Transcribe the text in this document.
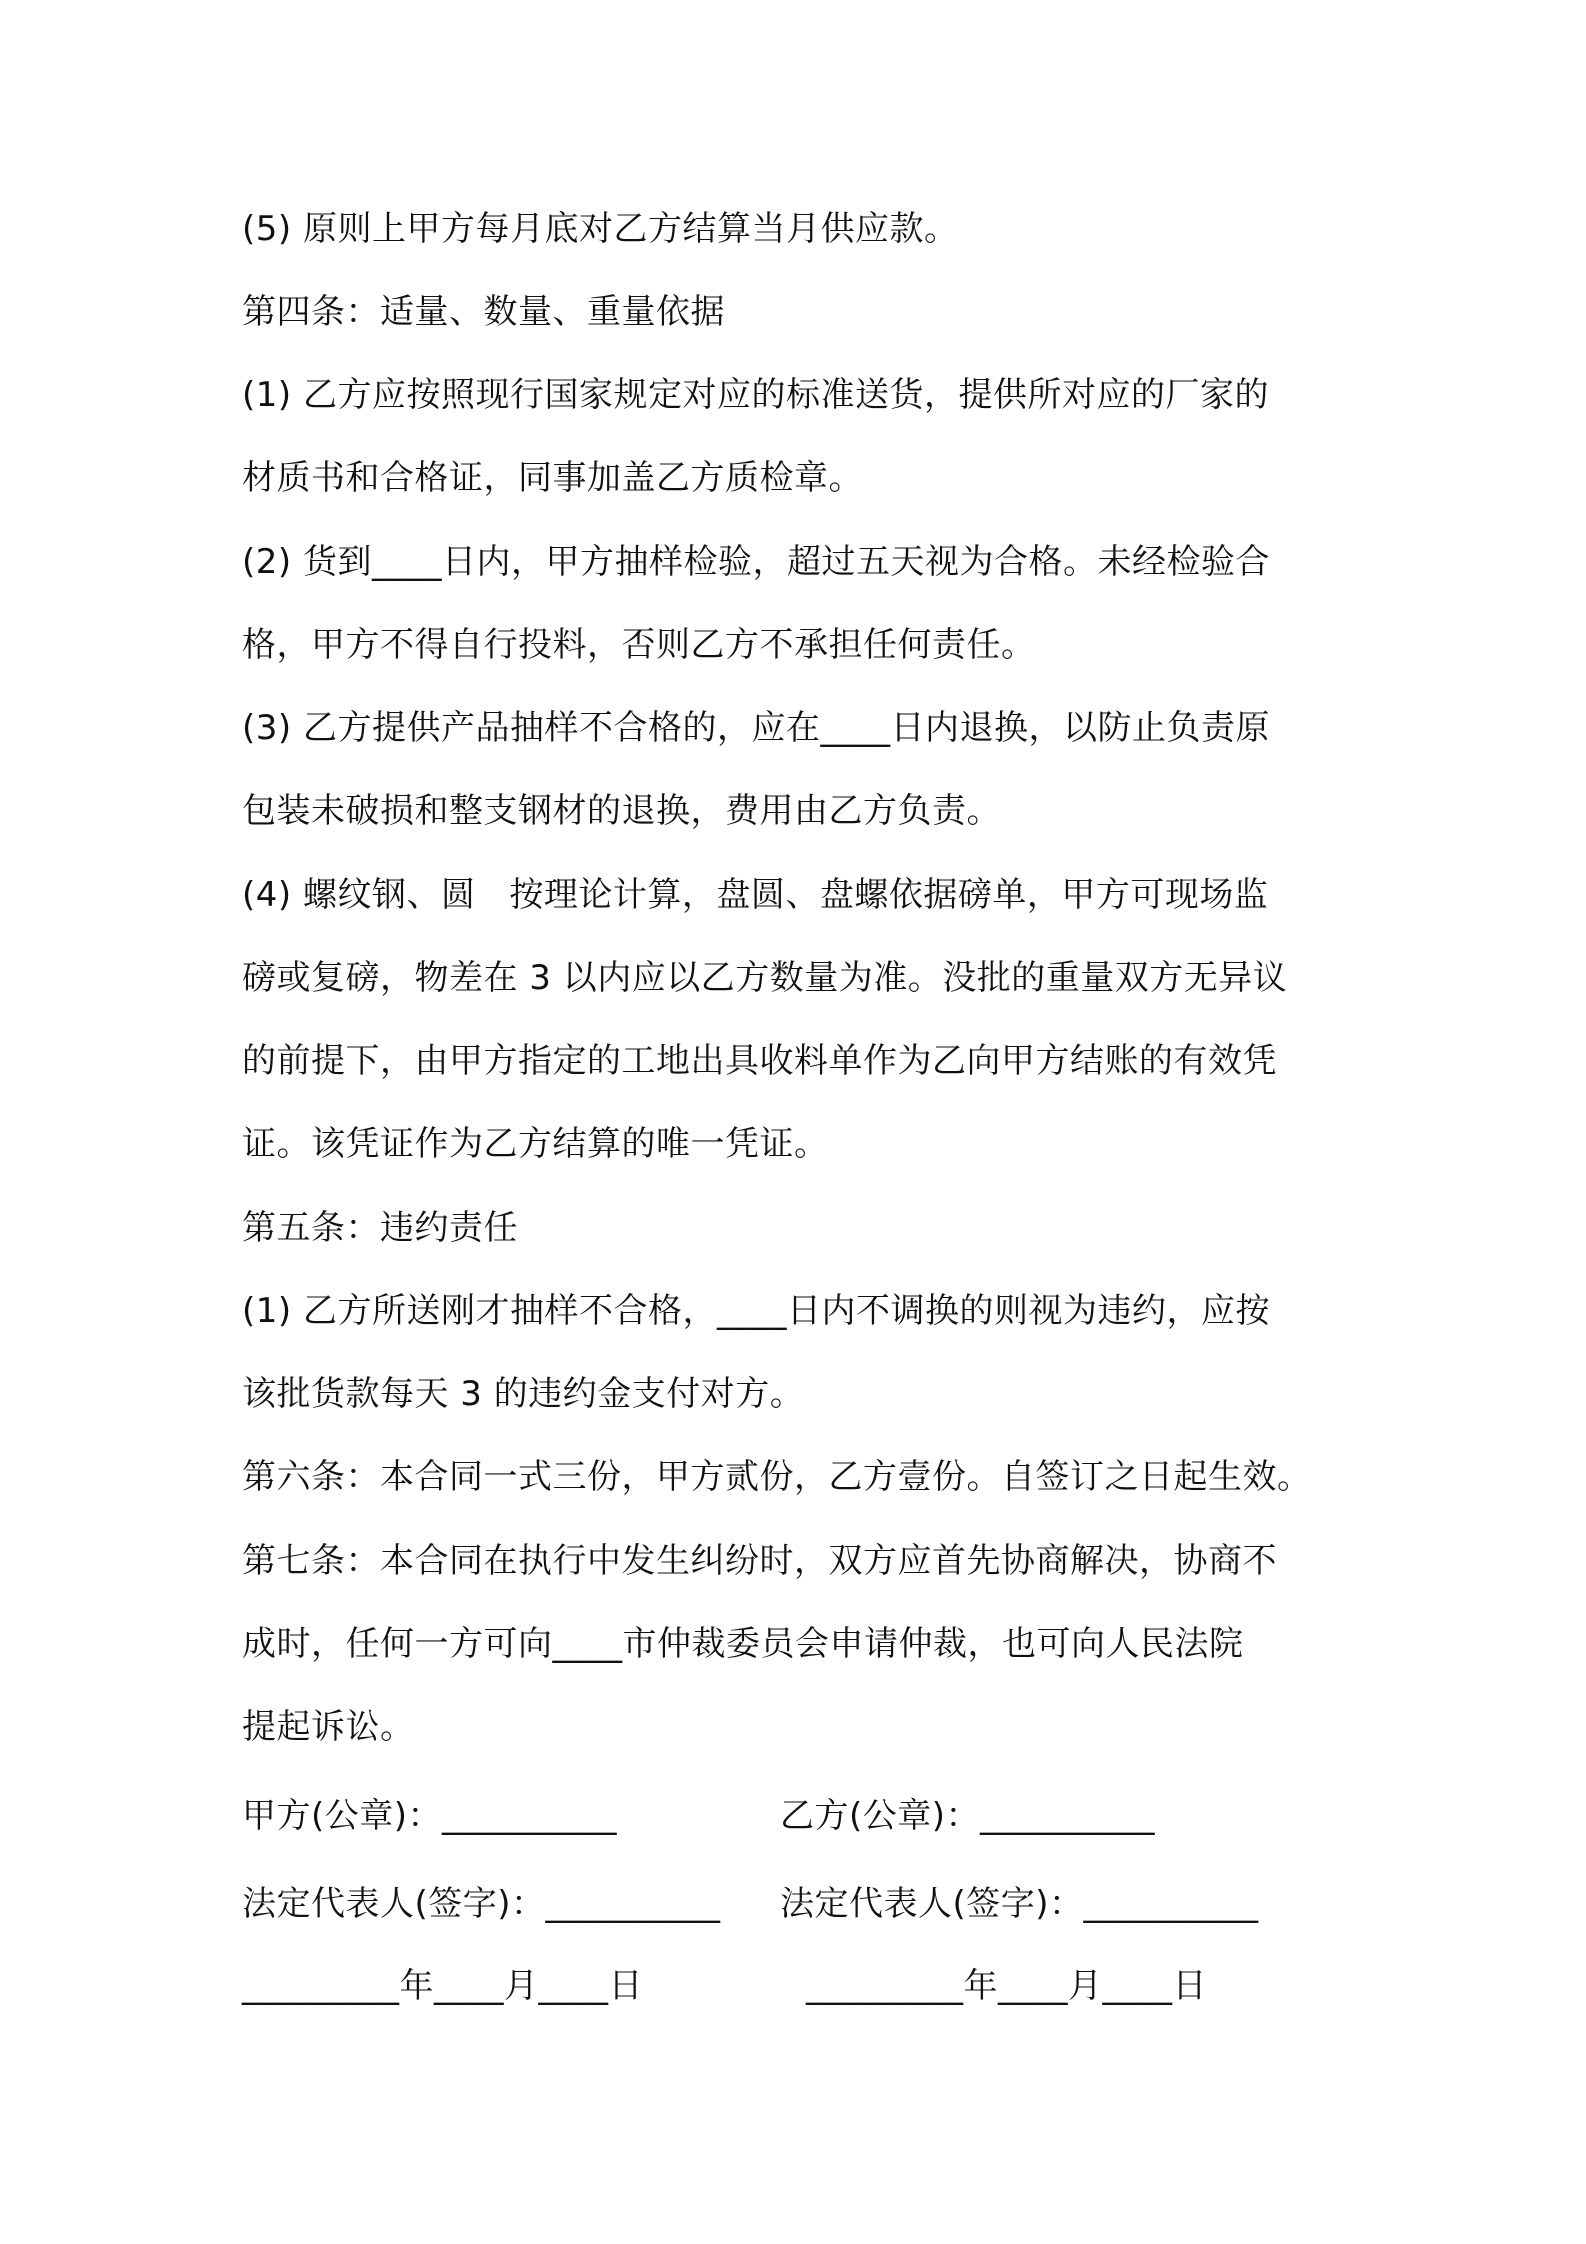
(5) 原则上甲方每月底对乙方结算当月供应款。
第四条：适量、数量、重量依据
(1) 乙方应按照现行国家规定对应的标准送货，提供所对应的厂家的
材质书和合格证，同事加盖乙方质检章。
(2) 货到____日内，甲方抽样检验，超过五天视为合格。未经检验合
格，甲方不得自行投料，否则乙方不承担任何责任。
(3) 乙方提供产品抽样不合格的，应在____日内退换，以防止负责原
包装未破损和整支钢材的退换，费用由乙方负责。
(4) 螺纹钢、圆   按理论计算，盘圆、盘螺依据磅单，甲方可现场监
磅或复磅，物差在 3 以内应以乙方数量为准。没批的重量双方无异议
的前提下，由甲方指定的工地出具收料单作为乙向甲方结账的有效凭
证。该凭证作为乙方结算的唯一凭证。
第五条：违约责任
(1) 乙方所送刚才抽样不合格，____日内不调换的则视为违约，应按
该批货款每天 3 的违约金支付对方。
第六条：本合同一式三份，甲方贰份，乙方壹份。自签订之日起生效。
第七条：本合同在执行中发生纠纷时，双方应首先协商解决，协商不
成时，任何一方可向____市仲裁委员会申请仲裁，也可向人民法院
提起诉讼。
甲方(公章)：__________	乙方(公章)：__________
法定代表人(签字)：__________ 法定代表人(签字)：__________
_________年____月____日	_________年____月____日
